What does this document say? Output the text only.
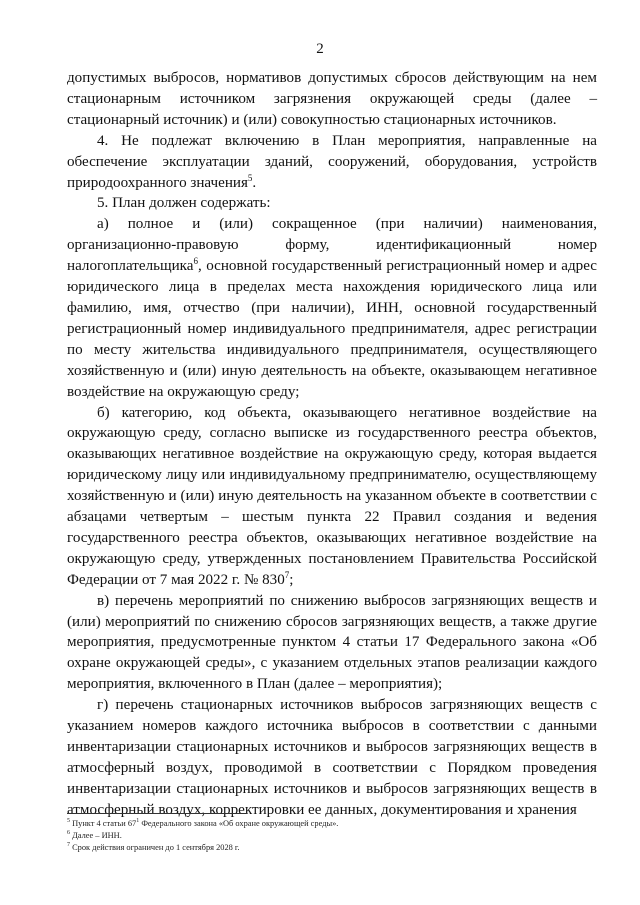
2

допустимых выбросов, нормативов допустимых сбросов действующим на нем стационарным источником загрязнения окружающей среды (далее – стационарный источник) и (или) совокупностью стационарных источников.

4. Не подлежат включению в План мероприятия, направленные на обеспечение эксплуатации зданий, сооружений, оборудования, устройств природоохранного значения$^5$.

5. План должен содержать:

а) полное и (или) сокращенное (при наличии) наименования, организационно-правовую форму, идентификационный номер налогоплательщика$^6$, основной государственный регистрационный номер и адрес юридического лица в пределах места нахождения юридического лица или фамилию, имя, отчество (при наличии), ИНН, основной государственный регистрационный номер индивидуального предпринимателя, адрес регистрации по месту жительства индивидуального предпринимателя, осуществляющего хозяйственную и (или) иную деятельность на объекте, оказывающем негативное воздействие на окружающую среду;

б) категорию, код объекта, оказывающего негативное воздействие на окружающую среду, согласно выписке из государственного реестра объектов, оказывающих негативное воздействие на окружающую среду, которая выдается юридическому лицу или индивидуальному предпринимателю, осуществляющему хозяйственную и (или) иную деятельность на указанном объекте в соответствии с абзацами четвертым – шестым пункта 22 Правил создания и ведения государственного реестра объектов, оказывающих негативное воздействие на окружающую среду, утвержденных постановлением Правительства Российской Федерации от 7 мая 2022 г. № $830^7$;

в) перечень мероприятий по снижению выбросов загрязняющих веществ и (или) мероприятий по снижению сбросов загрязняющих веществ, а также другие мероприятия, предусмотренные пунктом 4 статьи 17 Федерального закона «Об охране окружающей среды», с указанием отдельных этапов реализации каждого мероприятия, включенного в План (далее – мероприятия);

г) перечень стационарных источников выбросов загрязняющих веществ с указанием номеров каждого источника выбросов в соответствии с данными инвентаризации стационарных источников и выбросов загрязняющих веществ в атмосферный воздух, проводимой в соответствии с Порядком проведения инвентаризации стационарных источников и выбросов загрязняющих веществ в атмосферный воздух, корректировки ее данных, документирования и хранения

$^5$ Пункт 4 статьи $67^1$ Федерального закона «Об охране окружающей среды».

$^6$ Далее – ИНН.

$^7$ Срок действия ограничен до 1 сентября 2028 г.
